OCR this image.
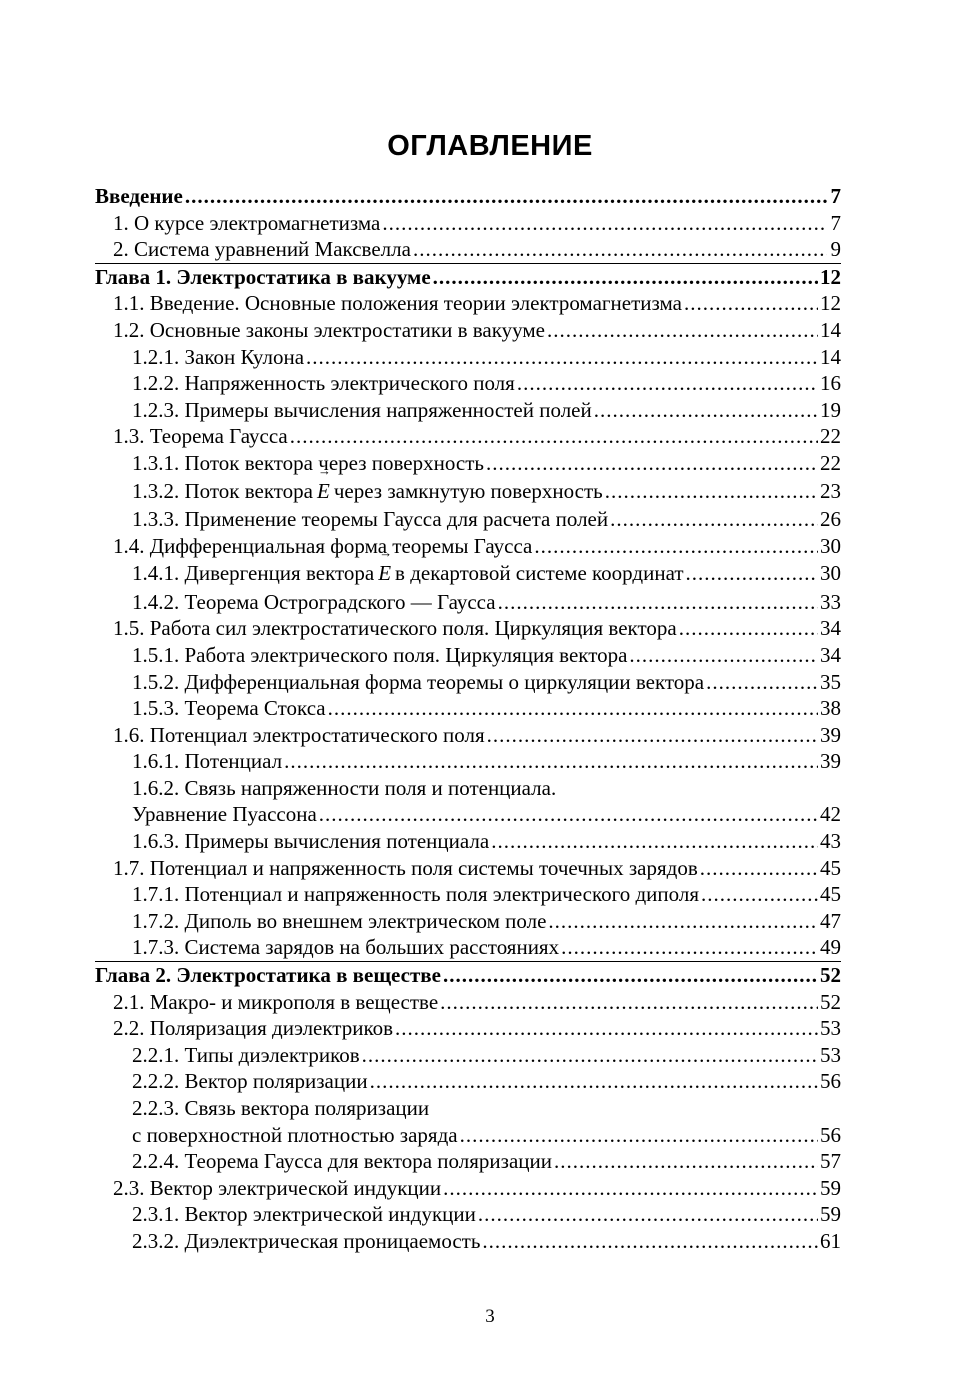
ОГЛАВЛЕНИЕ
Введение .....	7
1. О курсе электромагнетизма .....	7
2. Система уравнений Максвелла .....	9
Глава 1. Электростатика в вакууме .....	12
1.1. Введение. Основные положения теории электромагнетизма .....	12
1.2. Основные законы электростатики в вакууме .....	14
1.2.1. Закон Кулона .....	14
1.2.2. Напряженность электрического поля .....	16
1.2.3. Примеры вычисления напряженностей полей .....	19
1.3. Теорема Гаусса .....	22
1.3.1. Поток вектора через поверхность .....	22
1.3.2. Поток вектора → E через замкнутую поверхность .....	23
1.3.3. Применение теоремы Гаусса для расчета полей .....	26
1.4. Дифференциальная форма теоремы Гаусса .....	30
1.4.1. Дивергенция вектора → E в декартовой системе координат .....	30
1.4.2. Теорема Остроградского — Гаусса .....	33
1.5. Работа сил электростатического поля. Циркуляция вектора .....	34
1.5.1. Работа электрического поля. Циркуляция вектора .....	34
1.5.2. Дифференциальная форма теоремы о циркуляции вектора .....	35
1.5.3. Теорема Стокса .....	38
1.6. Потенциал электростатического поля .....	39
1.6.1. Потенциал .....	39
1.6.2. Связь напряженности поля и потенциала.
Уравнение Пуассона .....	42
1.6.3. Примеры вычисления потенциала .....	43
1.7. Потенциал и напряженность поля системы точечных зарядов .....	45
1.7.1. Потенциал и напряженность поля электрического диполя .....	45
1.7.2. Диполь во внешнем электрическом поле .....	47
1.7.3. Система зарядов на больших расстояниях .....	49
Глава 2. Электростатика в веществе .....	52
2.1. Макро- и микрополя в веществе .....	52
2.2. Поляризация диэлектриков .....	53
2.2.1. Типы диэлектриков .....	53
2.2.2. Вектор поляризации .....	56
2.2.3. Связь вектора поляризации
с поверхностной плотностью заряда .....	56
2.2.4. Теорема Гаусса для вектора поляризации .....	57
2.3. Вектор электрической индукции .....	59
2.3.1. Вектор электрической индукции .....	59
2.3.2. Диэлектрическая проницаемость .....	61
3
